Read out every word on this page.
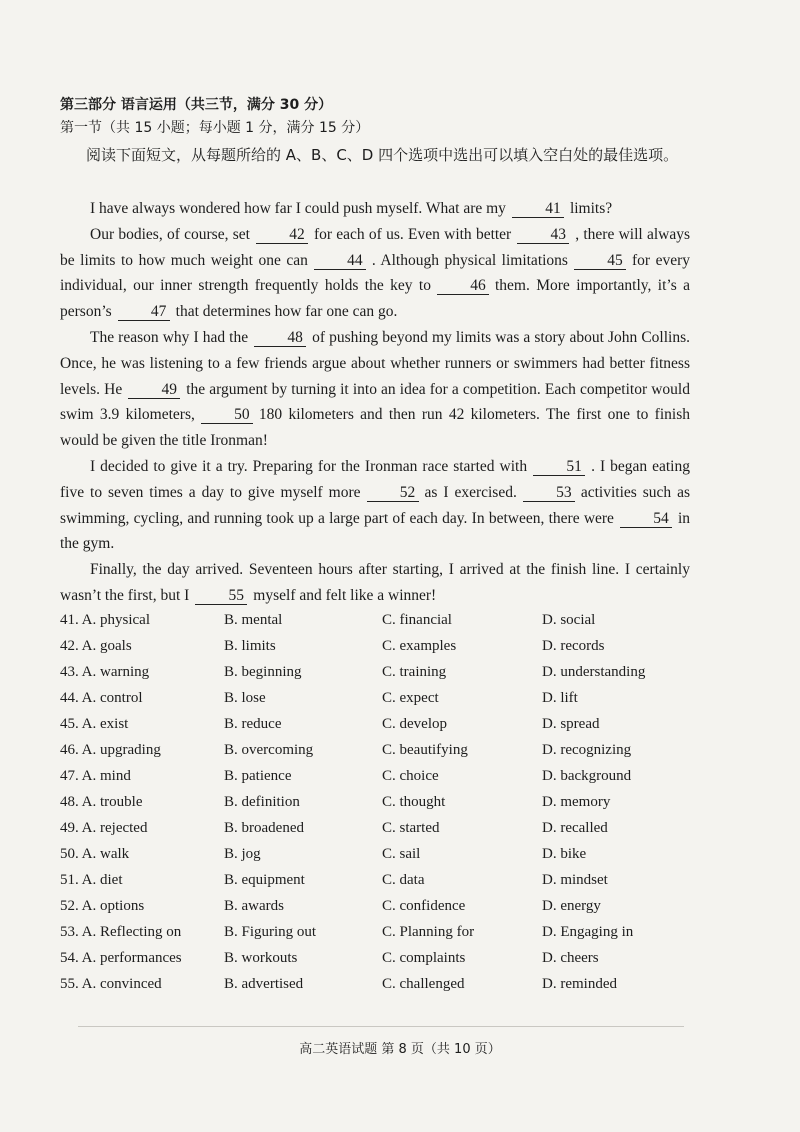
第三部分 语言运用（共三节，满分 30 分）
第一节（共 15 小题；每小题 1 分，满分 15 分）
阅读下面短文，从每题所给的 A、B、C、D 四个选项中选出可以填入空白处的最佳选项。

I have always wondered how far I could push myself. What are my	41 limits?

Our bodies, of course, set	42 for each of us. Even with better	43 , there will always be limits to how much weight one can	44 . Although physical limitations	45 for every individual, our inner strength frequently holds the key to	46 them. More importantly, it’s a person’s	47 that determines how far one can go.

The reason why I had the	48 of pushing beyond my limits was a story about John Collins. Once, he was listening to a few friends argue about whether runners or swimmers had better fitness levels. He	49 the argument by turning it into an idea for a competition. Each competitor would swim 3.9 kilometers,	50 180 kilometers and then run 42 kilometers. The first one to finish would be given the title Ironman!

I decided to give it a try. Preparing for the Ironman race started with	51 . I began eating five to seven times a day to give myself more	52 as I exercised.	53 activities such as swimming, cycling, and running took up a large part of each day. In between, there were	54 in the gym.

Finally, the day arrived. Seventeen hours after starting, I arrived at the finish line. I certainly wasn’t the first, but I	55 myself and felt like a winner!

41. A. physical	B. mental	C. financial	D. social
42. A. goals	B. limits	C. examples	D. records
43. A. warning	B. beginning	C. training	D. understanding
44. A. control	B. lose	C. expect	D. lift
45. A. exist	B. reduce	C. develop	D. spread
46. A. upgrading	B. overcoming	C. beautifying	D. recognizing
47. A. mind	B. patience	C. choice	D. background
48. A. trouble	B. definition	C. thought	D. memory
49. A. rejected	B. broadened	C. started	D. recalled
50. A. walk	B. jog	C. sail	D. bike
51. A. diet	B. equipment	C. data	D. mindset
52. A. options	B. awards	C. confidence	D. energy
53. A. Reflecting on	B. Figuring out	C. Planning for	D. Engaging in
54. A. performances	B. workouts	C. complaints	D. cheers
55. A. convinced	B. advertised	C. challenged	D. reminded
高二英语试题 第 8 页（共 10 页）
